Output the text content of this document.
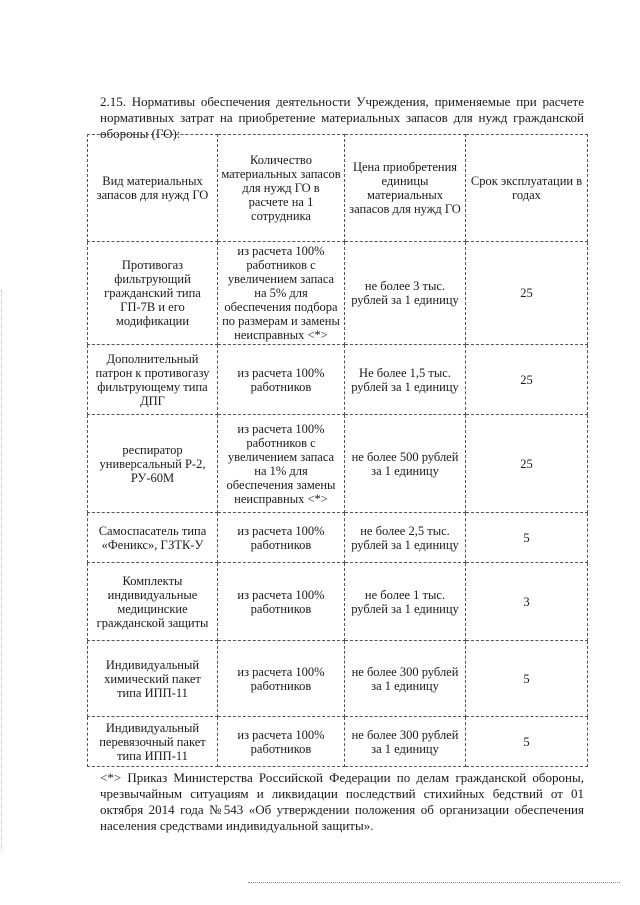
2.15. Нормативы обеспечения деятельности Учреждения, применяемые при расчете нормативных затрат на приобретение материальных запасов для нужд гражданской обороны (ГО):

Вид материальных запасов для нужд ГО	Количество материальных запасов для нужд ГО в расчете на 1 сотрудника	Цена приобретения единицы материальных запасов для нужд ГО	Срок эксплуатации в годах
Противогаз фильтрующий гражданский типа ГП-7В и его модификации	из расчета 100% работников с увеличением запаса на 5% для обеспечения подбора по размерам и замены неисправных <*>	не более 3 тыс. рублей за 1 единицу	25
Дополнительный патрон к противогазу фильтрующему типа ДПГ	из расчета 100% работников	Не более 1,5 тыс. рублей за 1 единицу	25
респиратор универсальный Р-2, РУ-60М	из расчета 100% работников с увеличением запаса на 1% для обеспечения замены неисправных <*>	не более 500 рублей за 1 единицу	25
Самоспасатель типа «Феникс», ГЗТК-У	из расчета 100% работников	не более 2,5 тыс. рублей за 1 единицу	5
Комплекты индивидуальные медицинские гражданской защиты	из расчета 100% работников	не более 1 тыс. рублей за 1 единицу	3
Индивидуальный химический пакет типа ИПП-11	из расчета 100% работников	не более 300 рублей за 1 единицу	5
Индивидуальный перевязочный пакет типа ИПП-11	из расчета 100% работников	не более 300 рублей за 1 единицу	5

<*> Приказ Министерства Российской Федерации по делам гражданской обороны, чрезвычайным ситуациям и ликвидации последствий стихийных бедствий от 01 октября 2014 года №543 «Об утверждении положения об организации обеспечения населения средствами индивидуальной защиты».
